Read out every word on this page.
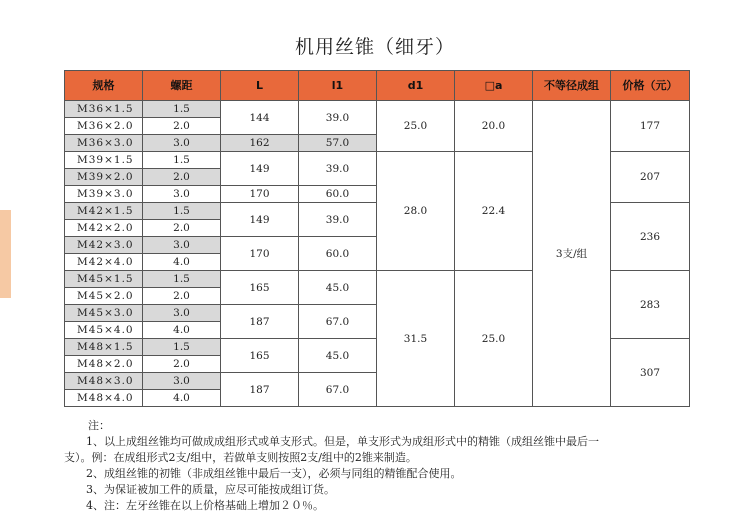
机用丝锥（细牙）
规格	螺距	L	l1	d1	□a	不等径成组	价格（元）
M36×1.5	1.5	144	39.0	25.0	20.0	3支/组	177
M36×2.0	2.0						
M36×3.0	3.0	162	57.0				
M39×1.5	1.5	149	39.0	28.0	22.4		207
M39×2.0	2.0						
M39×3.0	3.0	170	60.0				
M42×1.5	1.5	149	39.0				236
M42×2.0	2.0						
M42×3.0	3.0	170	60.0				
M42×4.0	4.0						
M45×1.5	1.5	165	45.0	31.5	25.0		283
M45×2.0	2.0						
M45×3.0	3.0	187	67.0				
M45×4.0	4.0						
M48×1.5	1.5	165	45.0				307
M48×2.0	2.0						
M48×3.0	3.0	187	67.0				
M48×4.0	4.0						

注：

1、以上成组丝锥均可做成成组形式或单支形式。但是，单支形式为成组形式中的精锥（成组丝锥中最后一

支）。例：在成组形式2支/组中，若做单支则按照2支/组中的2锥来制造。

2、成组丝锥的初锥（非成组丝锥中最后一支），必须与同组的精锥配合使用。

3、为保证被加工件的质量，应尽可能按成组订货。

4、注：左牙丝锥在以上价格基础上增加２０％。
